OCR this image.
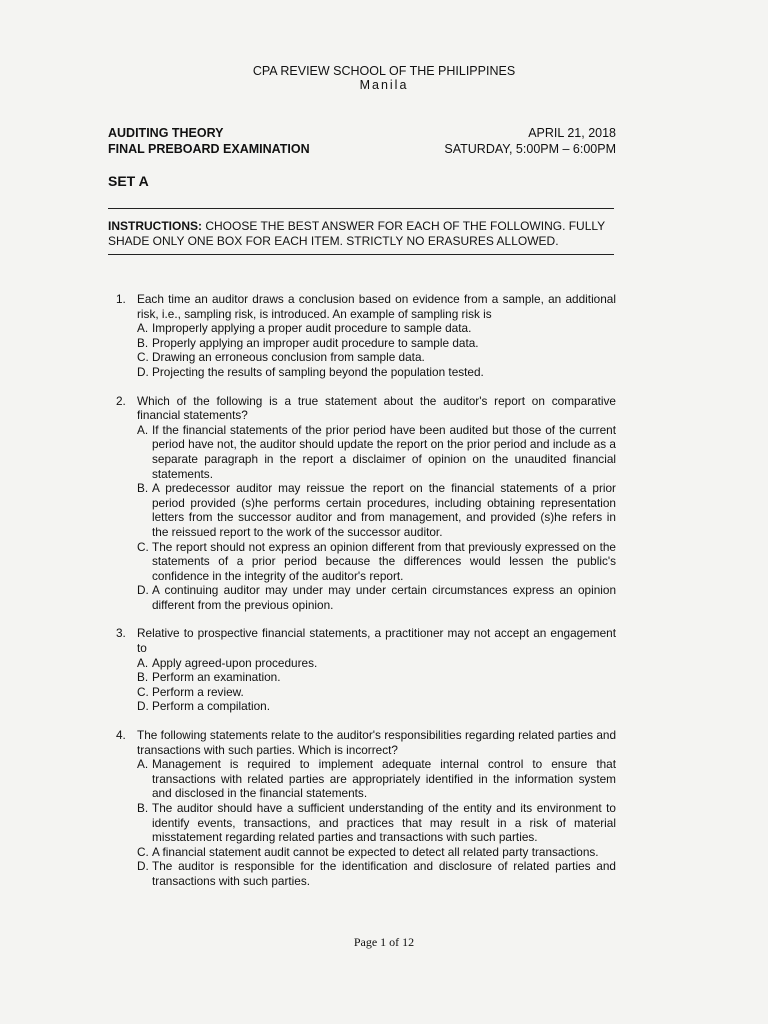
CPA REVIEW SCHOOL OF THE PHILIPPINES
Manila
AUDITING THEORY
FINAL PREBOARD EXAMINATION
APRIL 21, 2018
SATURDAY, 5:00PM – 6:00PM
SET A
INSTRUCTIONS: CHOOSE THE BEST ANSWER FOR EACH OF THE FOLLOWING. FULLY SHADE ONLY ONE BOX FOR EACH ITEM. STRICTLY NO ERASURES ALLOWED.
1. Each time an auditor draws a conclusion based on evidence from a sample, an additional risk, i.e., sampling risk, is introduced. An example of sampling risk is
A. Improperly applying a proper audit procedure to sample data.
B. Properly applying an improper audit procedure to sample data.
C. Drawing an erroneous conclusion from sample data.
D. Projecting the results of sampling beyond the population tested.
2. Which of the following is a true statement about the auditor's report on comparative financial statements?
A. If the financial statements of the prior period have been audited but those of the current period have not, the auditor should update the report on the prior period and include as a separate paragraph in the report a disclaimer of opinion on the unaudited financial statements.
B. A predecessor auditor may reissue the report on the financial statements of a prior period provided (s)he performs certain procedures, including obtaining representation letters from the successor auditor and from management, and provided (s)he refers in the reissued report to the work of the successor auditor.
C. The report should not express an opinion different from that previously expressed on the statements of a prior period because the differences would lessen the public's confidence in the integrity of the auditor's report.
D. A continuing auditor may under may under certain circumstances express an opinion different from the previous opinion.
3. Relative to prospective financial statements, a practitioner may not accept an engagement to
A. Apply agreed-upon procedures.
B. Perform an examination.
C. Perform a review.
D. Perform a compilation.
4. The following statements relate to the auditor's responsibilities regarding related parties and transactions with such parties. Which is incorrect?
A. Management is required to implement adequate internal control to ensure that transactions with related parties are appropriately identified in the information system and disclosed in the financial statements.
B. The auditor should have a sufficient understanding of the entity and its environment to identify events, transactions, and practices that may result in a risk of material misstatement regarding related parties and transactions with such parties.
C. A financial statement audit cannot be expected to detect all related party transactions.
D. The auditor is responsible for the identification and disclosure of related parties and transactions with such parties.
Page 1 of 12
